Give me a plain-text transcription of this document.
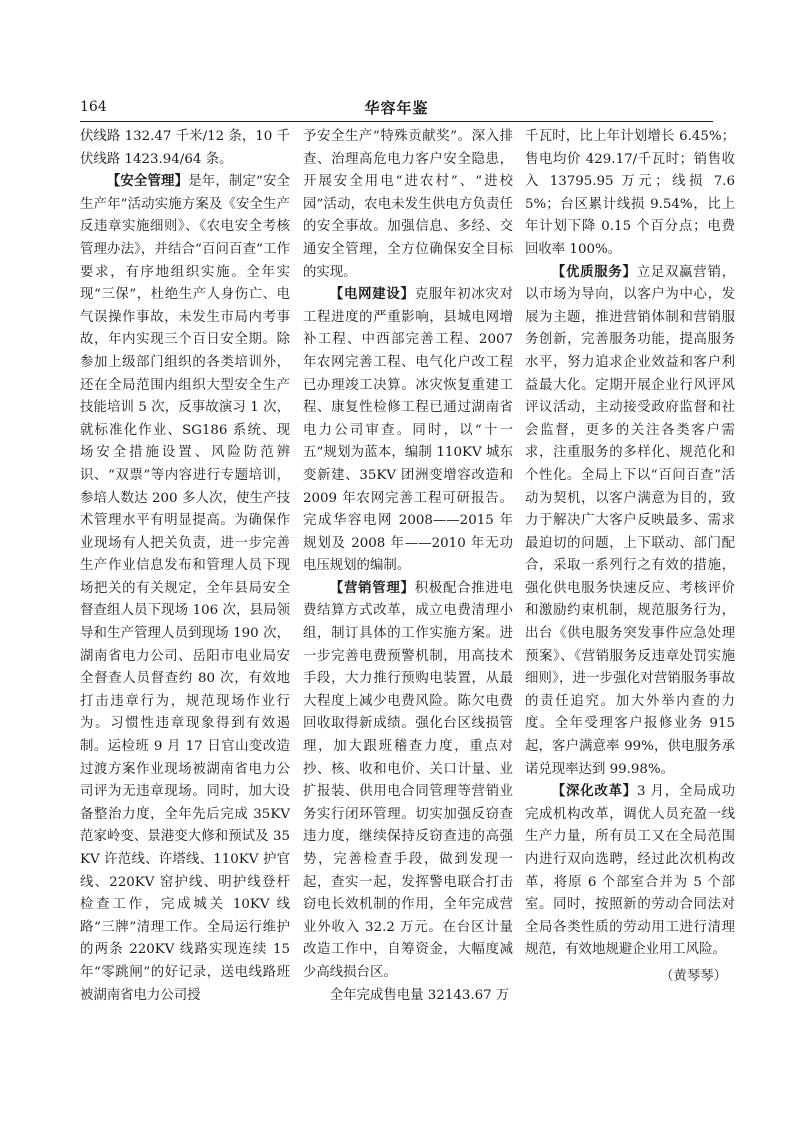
164	华容年鉴

伏线路 132.47 千米/12 条，10 千伏线路 1423.94/64 条。

【安全管理】是年，制定“安全生产年”活动实施方案及《安全生产反违章实施细则》、《农电安全考核管理办法》，并结合“百问百查”工作要求，有序地组织实施。全年实现“三保”，杜绝生产人身伤亡、电气误操作事故，未发生市局内考事故，年内实现三个百日安全期。除参加上级部门组织的各类培训外，还在全局范围内组织大型安全生产技能培训 5 次，反事故演习 1 次，就标准化作业、SG186 系统、现场安全措施设置、风险防范辨识、“双票”等内容进行专题培训，参培人数达 200 多人次，使生产技术管理水平有明显提高。为确保作业现场有人把关负责，进一步完善生产作业信息发布和管理人员下现场把关的有关规定，全年县局安全督查组人员下现场 106 次，县局领导和生产管理人员到现场 190 次，湖南省电力公司、岳阳市电业局安全督查人员督查约 80 次，有效地打击违章行为，规范现场作业行为。习惯性违章现象得到有效遏制。运检班 9 月 17 日官山变改造过渡方案作业现场被湖南省电力公司评为无违章现场。同时，加大设备整治力度，全年先后完成 35KV 范家岭变、景港变大修和预试及 35KV 许范线、许塔线、110KV 护官线、220KV 窑护线、明护线登杆检查工作，完成城关 10KV 线路“三牌”清理工作。全局运行维护的两条 220KV 线路实现连续 15 年“零跳闸”的好记录，送电线路班被湖南省电力公司授

予安全生产“特殊贡献奖”。深入排查、治理高危电力客户安全隐患，开展安全用电“进农村”、“进校园”活动，农电未发生供电方负责任的安全事故。加强信息、多经、交通安全管理，全方位确保安全目标的实现。

【电网建设】克服年初冰灾对工程进度的严重影响，县城电网增补工程、中西部完善工程、2007 年农网完善工程、电气化户改工程已办理竣工决算。冰灾恢复重建工程、康复性检修工程已通过湖南省电力公司审查。同时，以“十一五”规划为蓝本，编制 110KV 城东变新建、35KV 团洲变增容改造和2009 年农网完善工程可研报告。完成华容电网 2008——2015 年规划及 2008 年——2010 年无功电压规划的编制。

【营销管理】积极配合推进电费结算方式改革，成立电费清理小组，制订具体的工作实施方案。进一步完善电费预警机制，用高技术手段，大力推行预购电装置，从最大程度上减少电费风险。陈欠电费回收取得新成绩。强化台区线损管理，加大跟班稽查力度，重点对抄、核、收和电价、关口计量、业扩报装、供用电合同管理等营销业务实行闭环管理。切实加强反窃查违力度，继续保持反窃查违的高强势，完善检查手段，做到发现一起，查实一起，发挥警电联合打击窃电长效机制的作用，全年完成营业外收入 32.2 万元。在台区计量改造工作中，自筹资金，大幅度减少高线损台区。

全年完成售电量 32143.67 万

千瓦时，比上年计划增长 6.45%；售电均价 429.17/千瓦时；销售收入 13795.95 万元；线损 7.65%；台区累计线损 9.54%，比上年计划下降 0.15 个百分点；电费回收率 100%。

【优质服务】立足双赢营销，以市场为导向，以客户为中心，发展为主题，推进营销体制和营销服务创新，完善服务功能，提高服务水平，努力追求企业效益和客户利益最大化。定期开展企业行风评风评议活动，主动接受政府监督和社会监督，更多的关注各类客户需求，注重服务的多样化、规范化和个性化。全局上下以“百问百查”活动为契机，以客户满意为目的，致力于解决广大客户反映最多、需求最迫切的问题，上下联动、部门配合，采取一系列行之有效的措施，强化供电服务快速反应、考核评价和激励约束机制，规范服务行为，出台《供电服务突发事件应急处理预案》、《营销服务反违章处罚实施细则》，进一步强化对营销服务事故的责任追究。加大外举内查的力度。全年受理客户报修业务 915 起，客户满意率 99%，供电服务承诺兑现率达到 99.98%。

【深化改革】3 月，全局成功完成机构改革，调优人员充盈一线生产力量，所有员工又在全局范围内进行双向选聘，经过此次机构改革，将原 6 个部室合并为 5 个部室。同时，按照新的劳动合同法对全局各类性质的劳动用工进行清理规范，有效地规避企业用工风险。

（黄琴琴）
